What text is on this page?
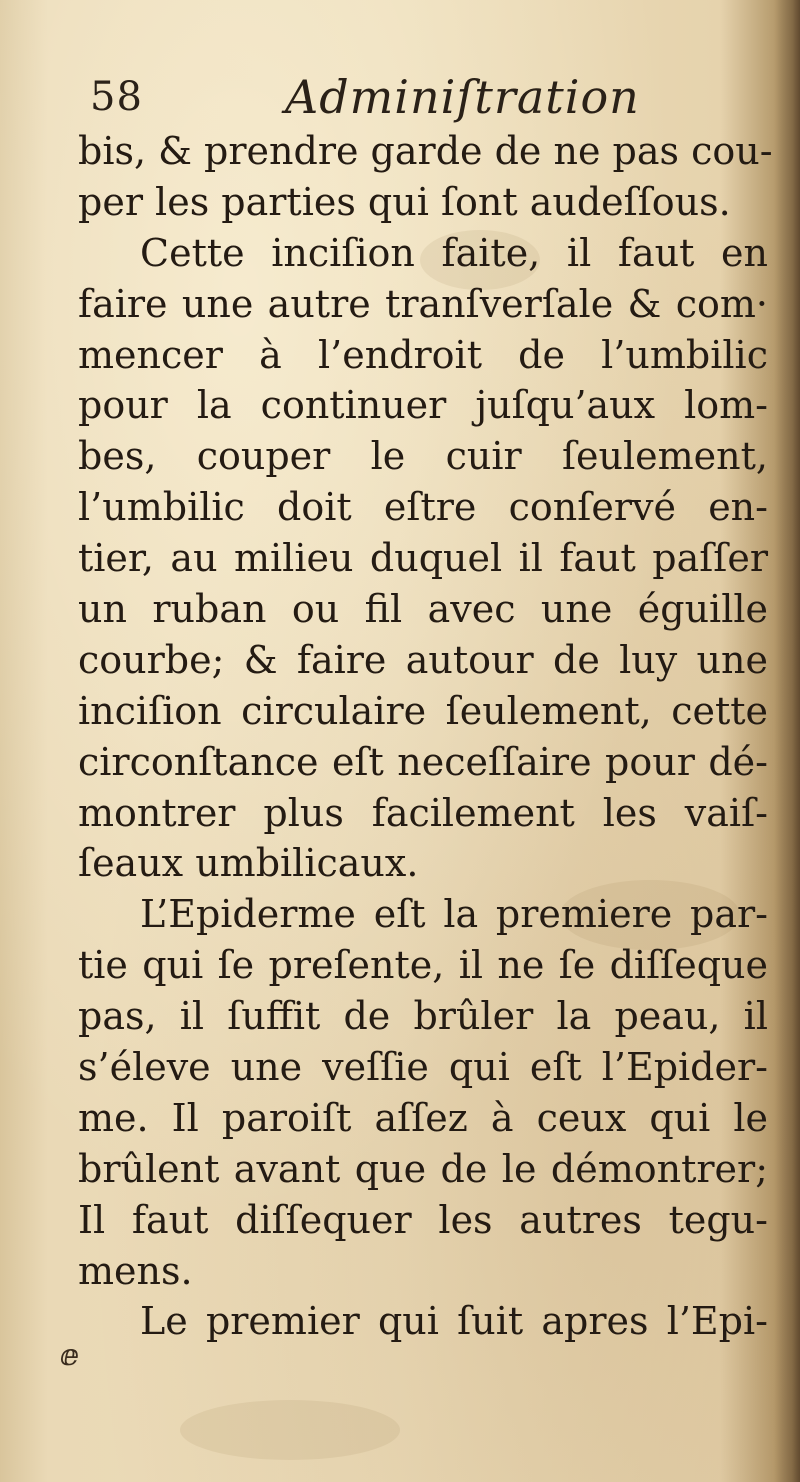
58	Adminiſtration
bis, & prendre garde de ne pas cou-
per les parties qui ſont audeſſous.
Cette inciſion faite, il faut en
faire une autre tranſverſale & com·
mencer à l’endroit de l’umbilic
pour la continuer juſqu’aux lom-
bes, couper le cuir ſeulement,
l’umbilic doit eſtre conſervé en-
tier, au milieu duquel il faut paſſer
un ruban ou fil avec une éguille
courbe; & faire autour de luy une
inciſion circulaire ſeulement, cette
circonſtance eſt neceſſaire pour dé-
montrer plus facilement les vaiſ-
ſeaux umbilicaux.
L’Epiderme eſt la premiere par-
tie qui ſe preſente, il ne ſe diſſeque
pas, il ſuffit de brûler la peau, il
s’éleve une veſſie qui eſt l’Epider-
me. Il paroiſt aſſez à ceux qui le
brûlent avant que de le démontrer;
Il faut diſſequer les autres tegu-
mens.
Le premier qui ſuit apres l’Epi-
ⅇ
